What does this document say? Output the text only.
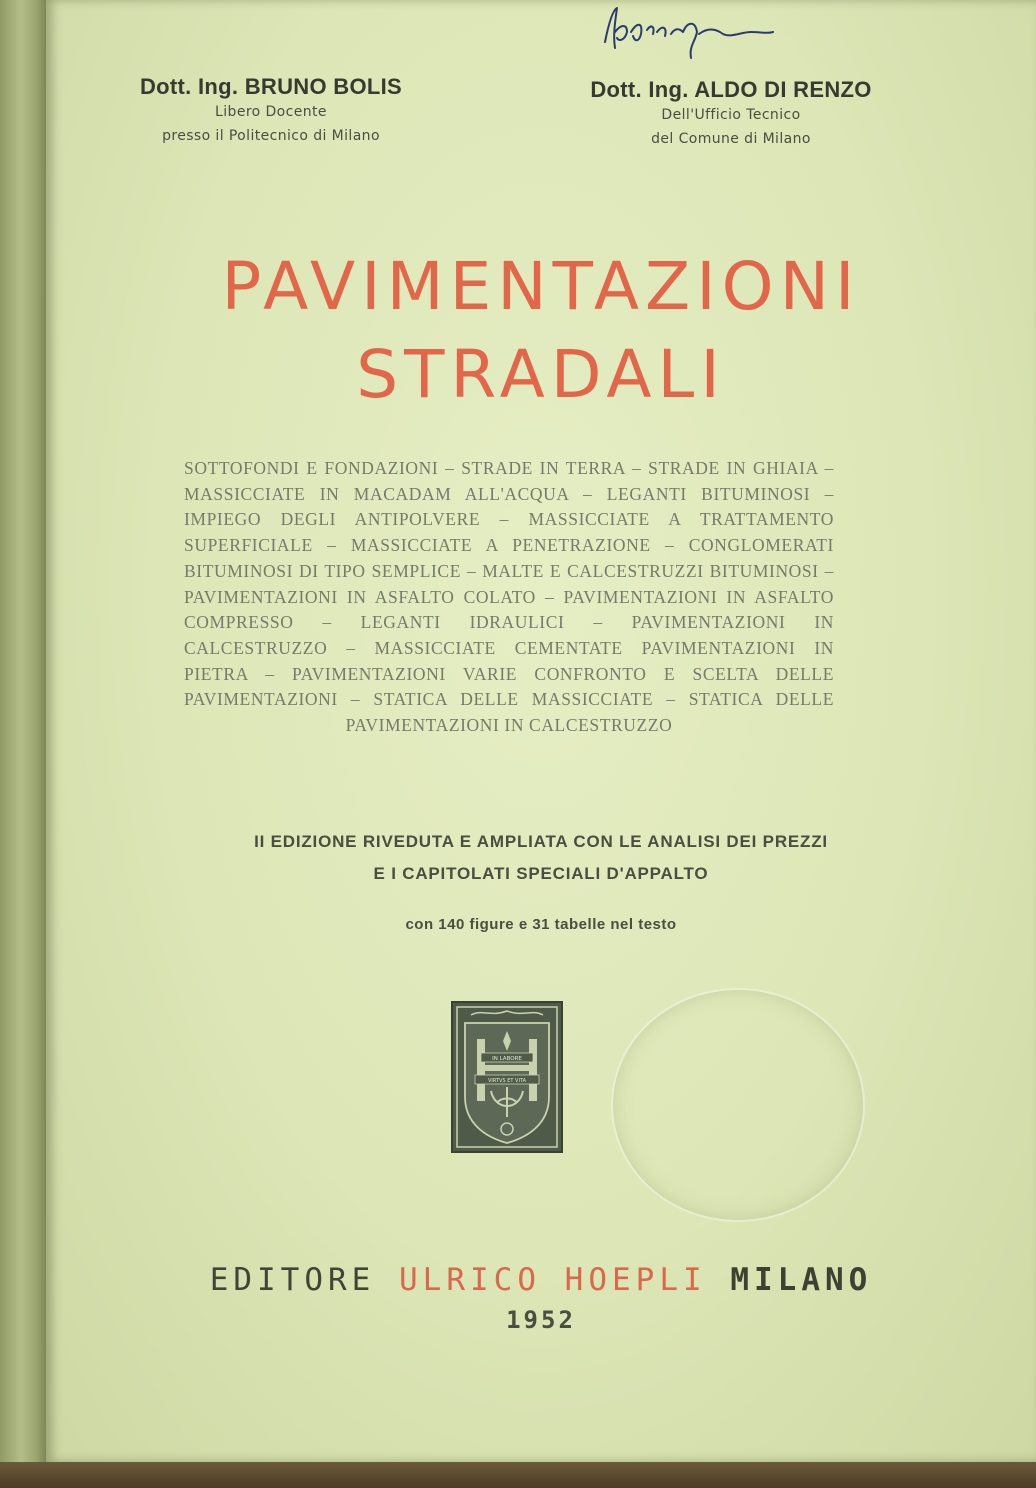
Dott. Ing. BRUNO BOLIS
Libero Docente
presso il Politecnico di Milano
Dott. Ing. ALDO DI RENZO
Dell'Ufficio Tecnico
del Comune di Milano
PAVIMENTAZIONI
STRADALI
SOTTOFONDI E FONDAZIONI – STRADE IN TERRA – STRADE IN GHIAIA – MASSICCIATE IN MACADAM ALL'ACQUA – LEGANTI BITUMINOSI – IMPIEGO DEGLI ANTIPOLVERE – MASSICCIATE A TRATTAMENTO SUPERFICIALE – MASSICCIATE A PENETRAZIONE – CONGLOMERATI BITUMINOSI DI TIPO SEMPLICE – MALTE E CALCESTRUZZI BITUMINOSI – PAVIMENTAZIONI IN ASFALTO COLATO – PAVIMENTAZIONI IN ASFALTO COMPRESSO – LEGANTI IDRAULICI – PAVIMENTAZIONI IN CALCESTRUZZO – MASSICCIATE CEMENTATE PAVIMENTAZIONI IN PIETRA – PAVIMENTAZIONI VARIE CONFRONTO E SCELTA DELLE PAVIMENTAZIONI – STATICA DELLE MASSICCIATE – STATICA DELLE PAVIMENTAZIONI IN CALCESTRUZZO
II EDIZIONE RIVEDUTA E AMPLIATA CON LE ANALISI DEI PREZZI
E I CAPITOLATI SPECIALI D'APPALTO
con 140 figure e 31 tabelle nel testo
IN LABORE
VIRTVS ET VITA
EDITORE ULRICO HOEPLI MILANO
1952
